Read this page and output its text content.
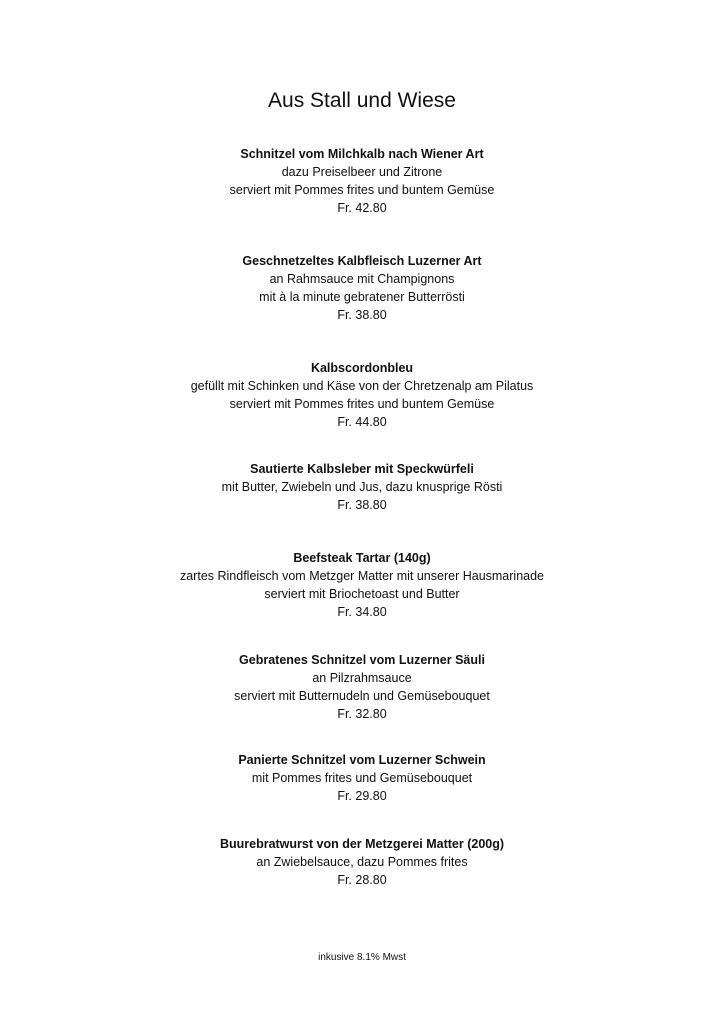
Aus Stall und Wiese
Schnitzel vom Milchkalb nach Wiener Art
dazu Preiselbeer und Zitrone
serviert mit Pommes frites und buntem Gemüse
Fr. 42.80
Geschnetzeltes Kalbfleisch Luzerner Art
an Rahmsauce mit Champignons
mit à la minute gebratener Butterrösti
Fr. 38.80
Kalbscordonbleu
gefüllt mit Schinken und Käse von der Chretzenalp am Pilatus
serviert mit Pommes frites und buntem Gemüse
Fr. 44.80
Sautierte Kalbsleber mit Speckwürfeli
mit Butter, Zwiebeln und Jus, dazu knusprige Rösti
Fr. 38.80
Beefsteak Tartar (140g)
zartes Rindfleisch vom Metzger Matter mit unserer Hausmarinade
serviert mit Briochetoast und Butter
Fr. 34.80
Gebratenes Schnitzel vom Luzerner Säuli
an Pilzrahmsauce
serviert mit Butternudeln und Gemüsebouquet
Fr. 32.80
Panierte Schnitzel vom Luzerner Schwein
mit Pommes frites und Gemüsebouquet
Fr. 29.80
Buurebratwurst von der Metzgerei Matter (200g)
an Zwiebelsauce, dazu Pommes frites
Fr. 28.80
inkusive 8.1% Mwst
